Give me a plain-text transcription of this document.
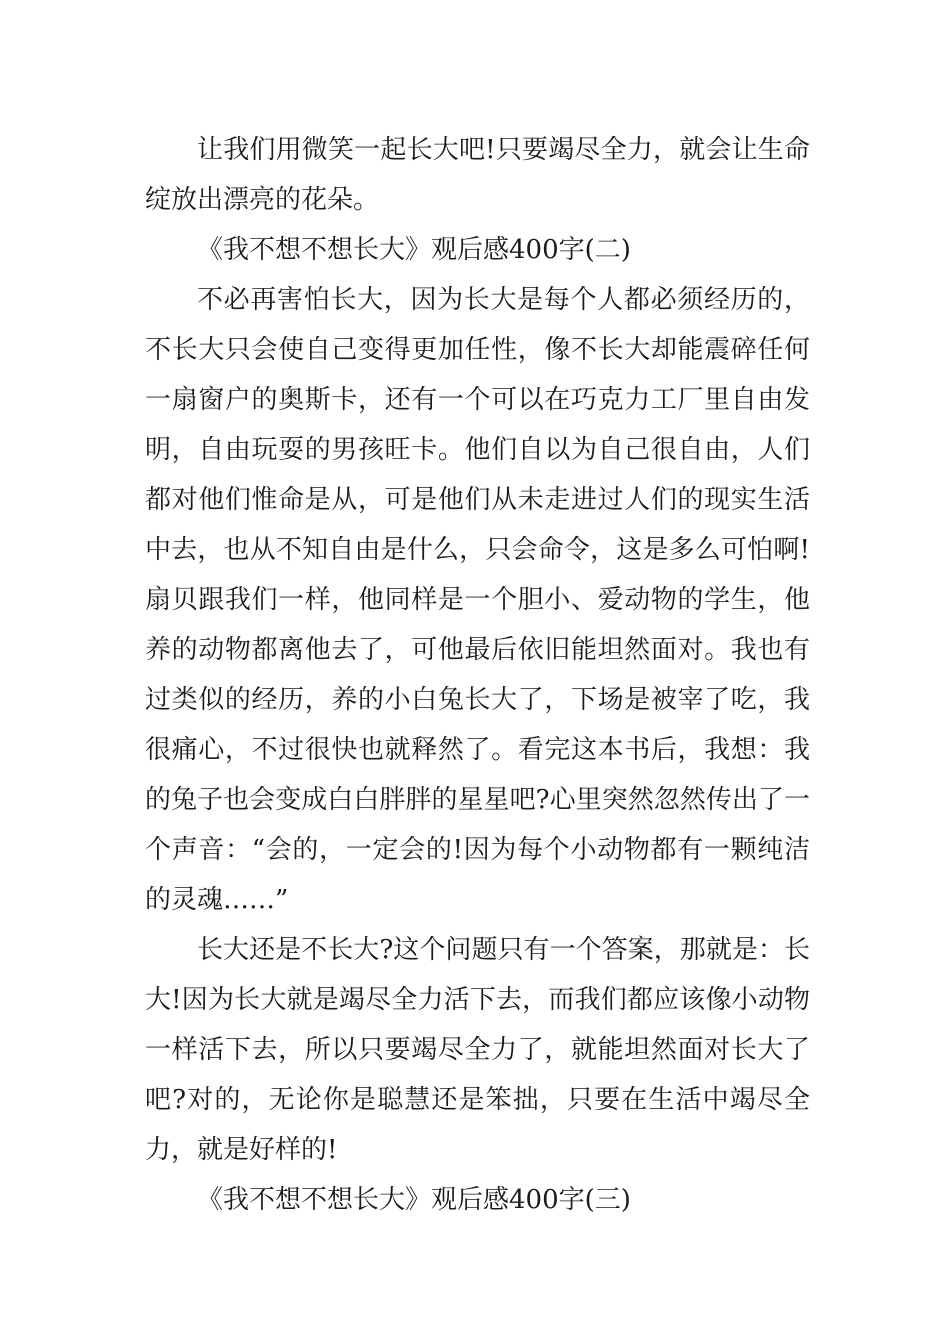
让我们用微笑一起长大吧!只要竭尽全力，就会让生命绽放出漂亮的花朵。

《我不想不想长大》观后感400字(二)

不必再害怕长大，因为长大是每个人都必须经历的，不长大只会使自己变得更加任性，像不长大却能震碎任何一扇窗户的奥斯卡，还有一个可以在巧克力工厂里自由发明，自由玩耍的男孩旺卡。他们自以为自己很自由，人们都对他们惟命是从，可是他们从未走进过人们的现实生活中去，也从不知自由是什么，只会命令，这是多么可怕啊!扇贝跟我们一样，他同样是一个胆小、爱动物的学生，他养的动物都离他去了，可他最后依旧能坦然面对。我也有过类似的经历，养的小白兔长大了，下场是被宰了吃，我很痛心，不过很快也就释然了。看完这本书后，我想：我的兔子也会变成白白胖胖的星星吧?心里突然忽然传出了一个声音：“会的，一定会的!因为每个小动物都有一颗纯洁的灵魂……”

长大还是不长大?这个问题只有一个答案，那就是：长大!因为长大就是竭尽全力活下去，而我们都应该像小动物一样活下去，所以只要竭尽全力了，就能坦然面对长大了吧?对的，无论你是聪慧还是笨拙，只要在生活中竭尽全力，就是好样的!

《我不想不想长大》观后感400字(三)
